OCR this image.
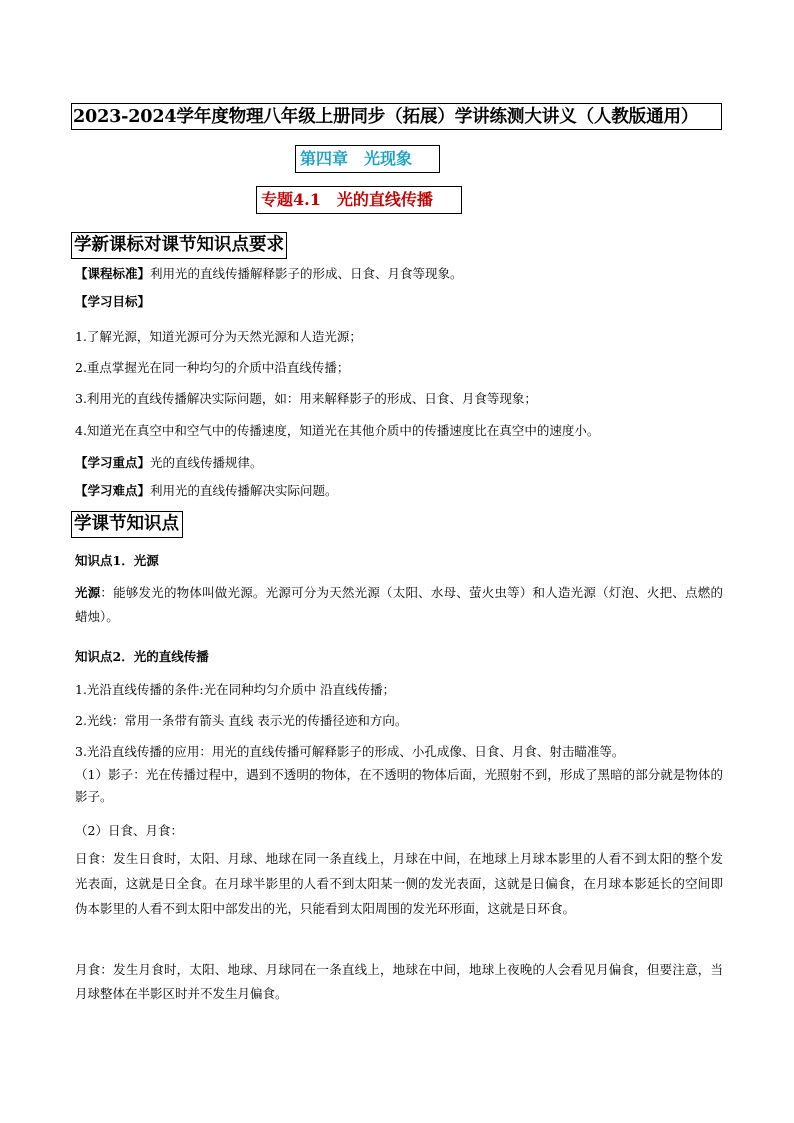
2023-2024学年度物理八年级上册同步（拓展）学讲练测大讲义（人教版通用）
第四章　光现象
专题4.1　光的直线传播
学新课标对课节知识点要求
【课程标准】利用光的直线传播解释影子的形成、日食、月食等现象。
【学习目标】
1.了解光源，知道光源可分为天然光源和人造光源；
2.重点掌握光在同一种均匀的介质中沿直线传播；
3.利用光的直线传播解决实际问题，如：用来解释影子的形成、日食、月食等现象；
4.知道光在真空中和空气中的传播速度，知道光在其他介质中的传播速度比在真空中的速度小。
【学习重点】光的直线传播规律。
【学习难点】利用光的直线传播解决实际问题。
学课节知识点
知识点1．光源
光源：能够发光的物体叫做光源。光源可分为天然光源（太阳、水母、萤火虫等）和人造光源（灯泡、火把、点燃的蜡烛）。
知识点2．光的直线传播
1.光沿直线传播的条件:光在同种均匀介质中 沿直线传播；
2.光线：常用一条带有箭头 直线 表示光的传播径迹和方向。
3.光沿直线传播的应用：用光的直线传播可解释影子的形成、小孔成像、日食、月食、射击瞄准等。
（1）影子：光在传播过程中，遇到不透明的物体，在不透明的物体后面，光照射不到，形成了黑暗的部分就是物体的影子。
（2）日食、月食：
日食：发生日食时，太阳、月球、地球在同一条直线上，月球在中间，在地球上月球本影里的人看不到太阳的整个发光表面，这就是日全食。在月球半影里的人看不到太阳某一侧的发光表面，这就是日偏食，在月球本影延长的空间即伪本影里的人看不到太阳中部发出的光，只能看到太阳周围的发光环形面，这就是日环食。
月食：发生月食时，太阳、地球、月球同在一条直线上，地球在中间，地球上夜晚的人会看见月偏食，但要注意，当月球整体在半影区时并不发生月偏食。
